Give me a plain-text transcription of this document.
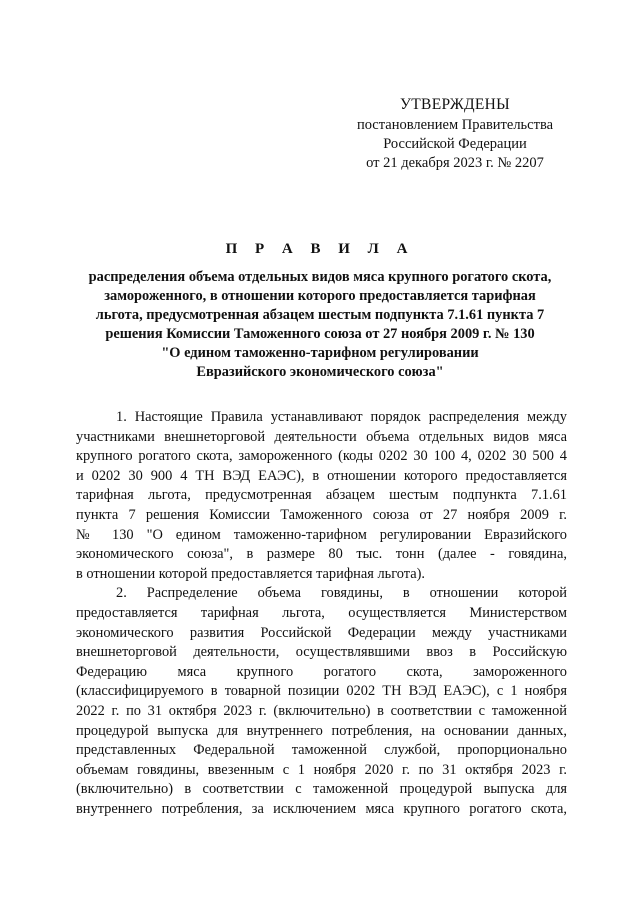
УТВЕРЖДЕНЫ
постановлением Правительства
Российской Федерации
от 21 декабря 2023 г. № 2207
П Р А В И Л А
распределения объема отдельных видов мяса крупного рогатого скота,
замороженного, в отношении которого предоставляется тарифная
льгота, предусмотренная абзацем шестым подпункта 7.1.61 пункта 7
решения Комиссии Таможенного союза от 27 ноября 2009 г. № 130
"О едином таможенно-тарифном регулировании
Евразийского экономического союза"
1. Настоящие Правила устанавливают порядок распределения между
участниками внешнеторговой деятельности объема отдельных видов мяса
крупного рогатого скота, замороженного (коды 0202 30 100 4, 0202 30 500 4
и 0202 30 900 4 ТН ВЭД ЕАЭС), в отношении которого предоставляется
тарифная льгота, предусмотренная абзацем шестым подпункта 7.1.61
пункта 7 решения Комиссии Таможенного союза от 27 ноября 2009 г.
№ 130 "О едином таможенно-тарифном регулировании Евразийского
экономического союза", в размере 80 тыс. тонн (далее - говядина,
в отношении которой предоставляется тарифная льгота).
2. Распределение объема говядины, в отношении которой
предоставляется тарифная льгота, осуществляется Министерством
экономического развития Российской Федерации между участниками
внешнеторговой деятельности, осуществлявшими ввоз в Российскую
Федерацию мяса крупного рогатого скота, замороженного
(классифицируемого в товарной позиции 0202 ТН ВЭД ЕАЭС), с 1 ноября
2022 г. по 31 октября 2023 г. (включительно) в соответствии с таможенной
процедурой выпуска для внутреннего потребления, на основании данных,
представленных Федеральной таможенной службой, пропорционально
объемам говядины, ввезенным с 1 ноября 2020 г. по 31 октября 2023 г.
(включительно) в соответствии с таможенной процедурой выпуска для
внутреннего потребления, за исключением мяса крупного рогатого скота,
